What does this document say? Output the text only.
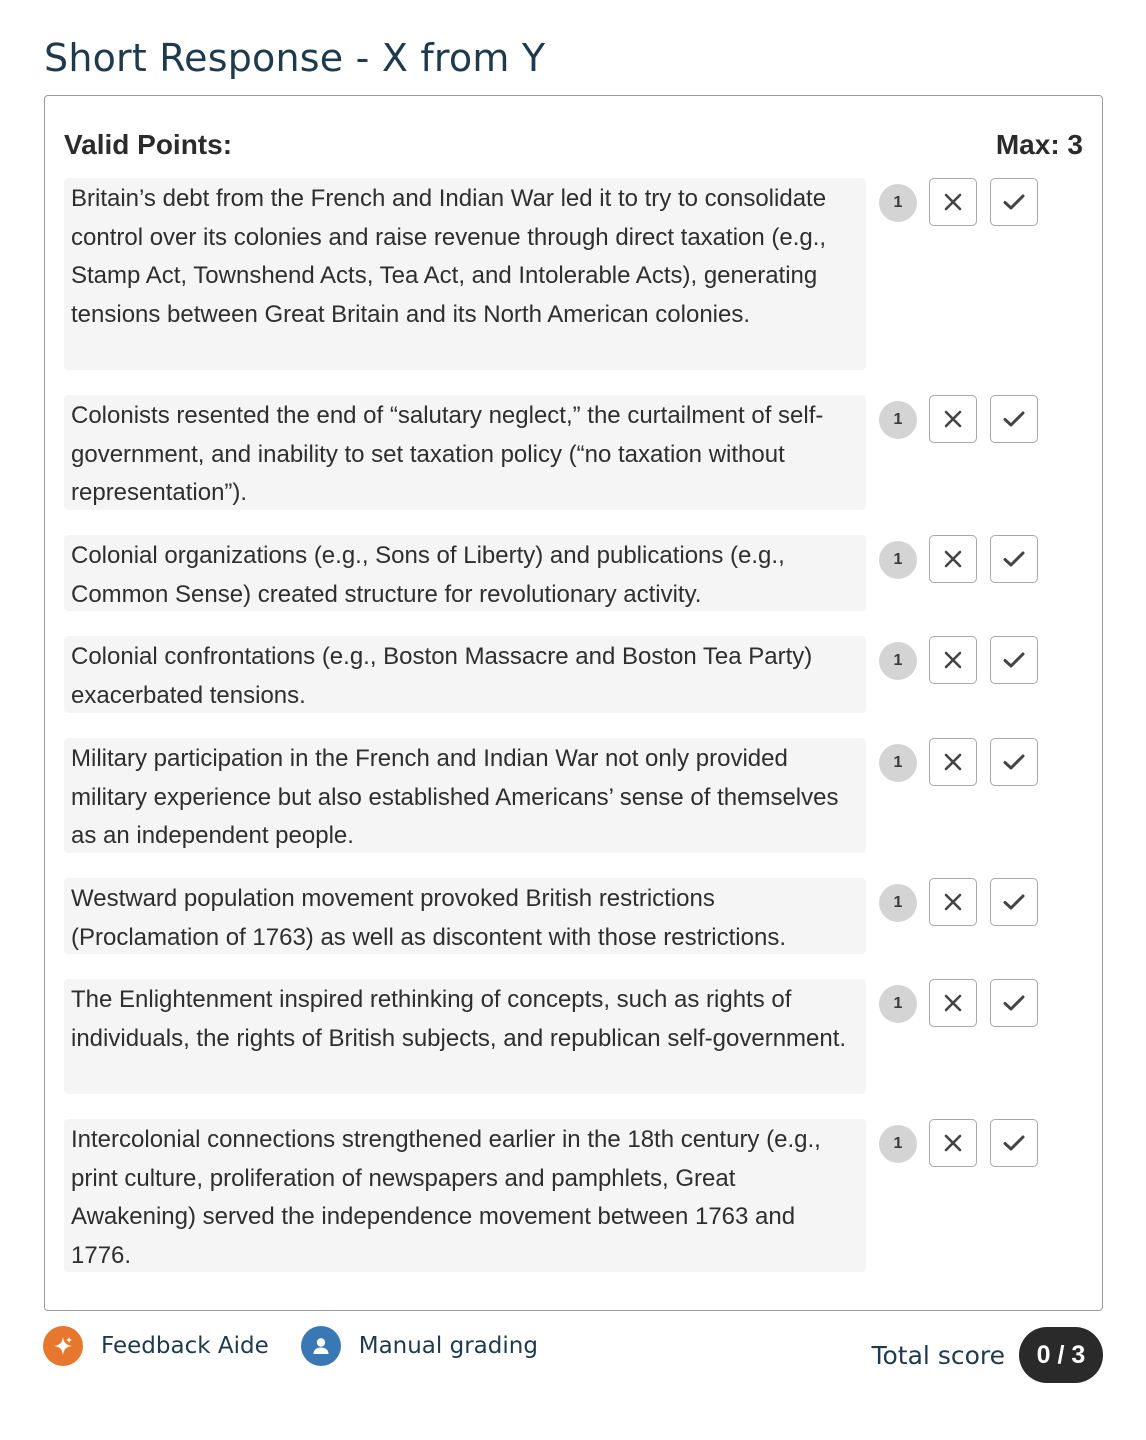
Short Response - X from Y
Valid Points:	Max: 3
Britain’s debt from the French and Indian War led it to try to consolidate control over its colonies and raise revenue through direct taxation (e.g., Stamp Act, Townshend Acts, Tea Act, and Intolerable Acts), generating tensions between Great Britain and its North American colonies.
1
Colonists resented the end of “salutary neglect,” the curtailment of self-government, and inability to set taxation policy (“no taxation without representation”).
1
Colonial organizations (e.g., Sons of Liberty) and publications (e.g., Common Sense) created structure for revolutionary activity.
1
Colonial confrontations (e.g., Boston Massacre and Boston Tea Party) exacerbated tensions.
1
Military participation in the French and Indian War not only provided military experience but also established Americans’ sense of themselves as an independent people.
1
Westward population movement provoked British restrictions (Proclamation of 1763) as well as discontent with those restrictions.
1
The Enlightenment inspired rethinking of concepts, such as rights of individuals, the rights of British subjects, and republican self-government.
1
Intercolonial connections strengthened earlier in the 18th century (e.g., print culture, proliferation of newspapers and pamphlets, Great Awakening) served the independence movement between 1763 and 1776.
1
Feedback Aide	Manual grading	Total score	0 / 3
